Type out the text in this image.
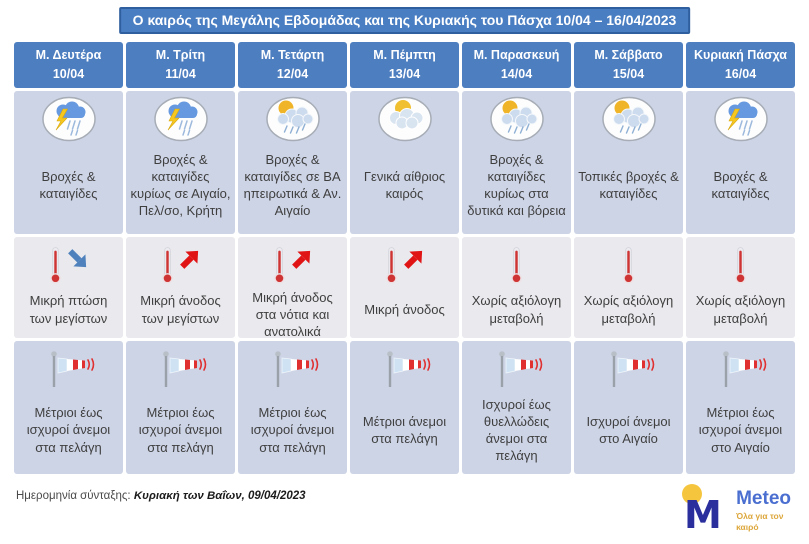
Ο καιρός της Μεγάλης Εβδομάδας και της Κυριακής του Πάσχα 10/04 – 16/04/2023
Μ. Δευτέρα
10/04
Μ. Τρίτη
11/04
Μ. Τετάρτη
12/04
Μ. Πέμπτη
13/04
Μ. Παρασκευή
14/04
Μ. Σάββατο
15/04
Κυριακή Πάσχα
16/04
Βροχές & καταιγίδες
Βροχές & καταιγίδες κυρίως σε Αιγαίο, Πελ/σο, Κρήτη
Βροχές & καταιγίδες σε ΒΑ ηπειρωτικά & Αν. Αιγαίο
Γενικά αίθριος καιρός
Βροχές & καταιγίδες κυρίως στα δυτικά και βόρεια
Τοπικές βροχές & καταιγίδες
Βροχές & καταιγίδες
Μικρή πτώση των μεγίστων
Μικρή άνοδος των μεγίστων
Μικρή άνοδος στα νότια και ανατολικά
Μικρή άνοδος
Χωρίς αξιόλογη μεταβολή
Χωρίς αξιόλογη μεταβολή
Χωρίς αξιόλογη μεταβολή
Μέτριοι έως ισχυροί άνεμοι στα πελάγη
Μέτριοι έως ισχυροί άνεμοι στα πελάγη
Μέτριοι έως ισχυροί άνεμοι στα πελάγη
Μέτριοι άνεμοι στα πελάγη
Ισχυροί έως θυελλώδεις άνεμοι στα πελάγη
Ισχυροί άνεμοι στο Αιγαίο
Μέτριοι έως ισχυροί άνεμοι στο Αιγαίο
Ημερομηνία σύνταξης: Κυριακή των Βαΐων, 09/04/2023	M Meteo
Όλα για τον καιρό
